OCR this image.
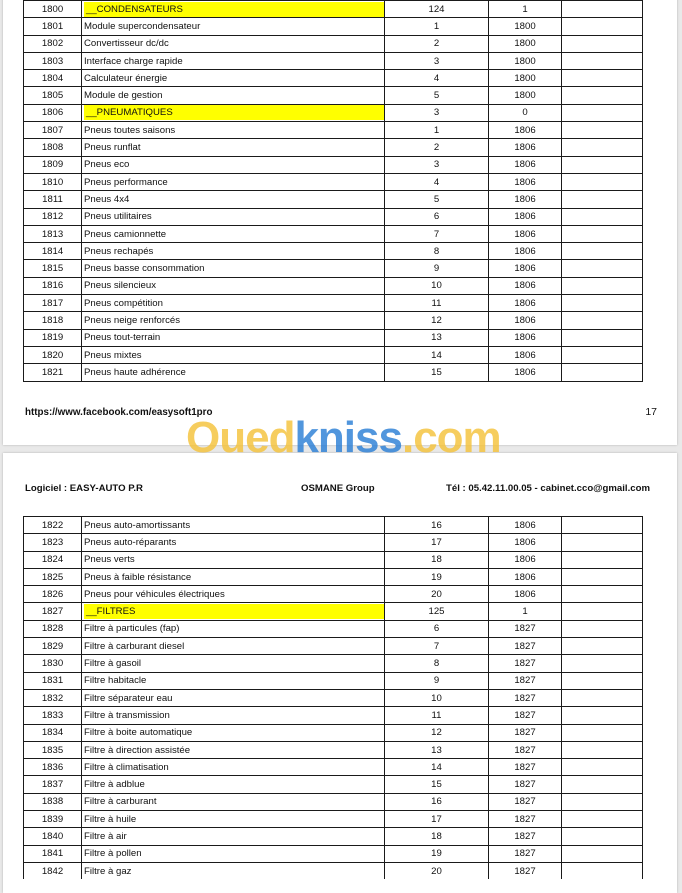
1800	__CONDENSATEURS	124	1	
1801	Module supercondensateur	1	1800	
1802	Convertisseur dc/dc	2	1800	
1803	Interface charge rapide	3	1800	
1804	Calculateur énergie	4	1800	
1805	Module de gestion	5	1800	
1806	__PNEUMATIQUES	3	0	
1807	Pneus toutes saisons	1	1806	
1808	Pneus runflat	2	1806	
1809	Pneus eco	3	1806	
1810	Pneus performance	4	1806	
1811	Pneus 4x4	5	1806	
1812	Pneus utilitaires	6	1806	
1813	Pneus camionnette	7	1806	
1814	Pneus rechapés	8	1806	
1815	Pneus basse consommation	9	1806	
1816	Pneus silencieux	10	1806	
1817	Pneus compétition	11	1806	
1818	Pneus neige renforcés	12	1806	
1819	Pneus tout-terrain	13	1806	
1820	Pneus mixtes	14	1806	
1821	Pneus haute adhérence	15	1806	
https://www.facebook.com/easysoft1pro	17
Logiciel : EASY-AUTO P.R	OSMANE Group	Tél : 05.42.11.00.05 - cabinet.cco@gmail.com
1822	Pneus auto-amortissants	16	1806	
1823	Pneus auto-réparants	17	1806	
1824	Pneus verts	18	1806	
1825	Pneus à faible résistance	19	1806	
1826	Pneus pour véhicules électriques	20	1806	
1827	__FILTRES	125	1	
1828	Filtre à particules (fap)	6	1827	
1829	Filtre à carburant diesel	7	1827	
1830	Filtre à gasoil	8	1827	
1831	Filtre habitacle	9	1827	
1832	Filtre séparateur eau	10	1827	
1833	Filtre à transmission	11	1827	
1834	Filtre à boite automatique	12	1827	
1835	Filtre à direction assistée	13	1827	
1836	Filtre à climatisation	14	1827	
1837	Filtre à adblue	15	1827	
1838	Filtre à carburant	16	1827	
1839	Filtre à huile	17	1827	
1840	Filtre à air	18	1827	
1841	Filtre à pollen	19	1827	
1842	Filtre à gaz	20	1827	
Ouedkniss.com
